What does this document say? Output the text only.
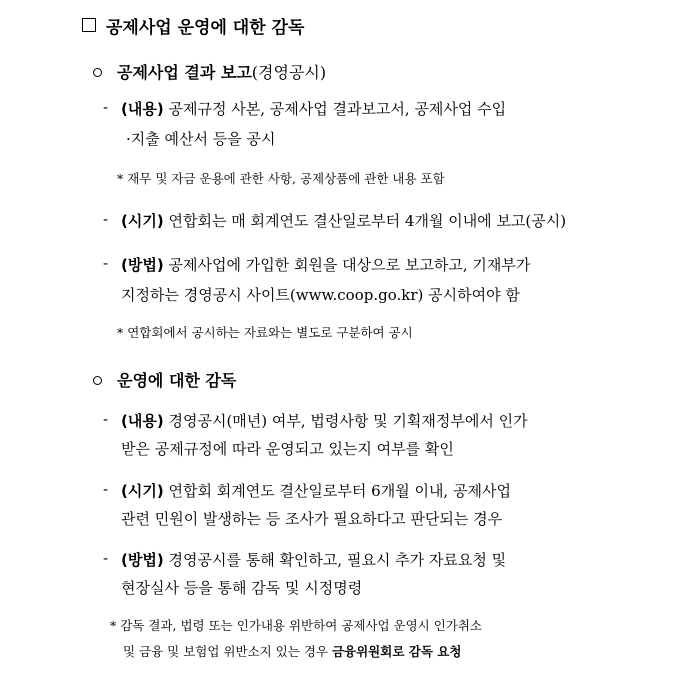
공제사업 운영에 대한 감독
공제사업 결과 보고(경영공시)
- (내용) 공제규정 사본, 공제사업 결과보고서, 공제사업 수입
·지출 예산서 등을 공시
* 재무 및 자금 운용에 관한 사항, 공제상품에 관한 내용 포함
- (시기) 연합회는 매 회계연도 결산일로부터 4개월 이내에 보고(공시)
- (방법) 공제사업에 가입한 회원을 대상으로 보고하고, 기재부가
지정하는 경영공시 사이트(www.coop.go.kr) 공시하여야 함
* 연합회에서 공시하는 자료와는 별도로 구분하여 공시
운영에 대한 감독
- (내용) 경영공시(매년) 여부, 법령사항 및 기획재정부에서 인가
받은 공제규정에 따라 운영되고 있는지 여부를 확인
- (시기) 연합회 회계연도 결산일로부터 6개월 이내, 공제사업
관련 민원이 발생하는 등 조사가 필요하다고 판단되는 경우
- (방법) 경영공시를 통해 확인하고, 필요시 추가 자료요청 및
현장실사 등을 통해 감독 및 시정명령
* 감독 결과, 법령 또는 인가내용 위반하여 공제사업 운영시 인가취소
및 금융 및 보험업 위반소지 있는 경우 금융위원회로 감독 요청
